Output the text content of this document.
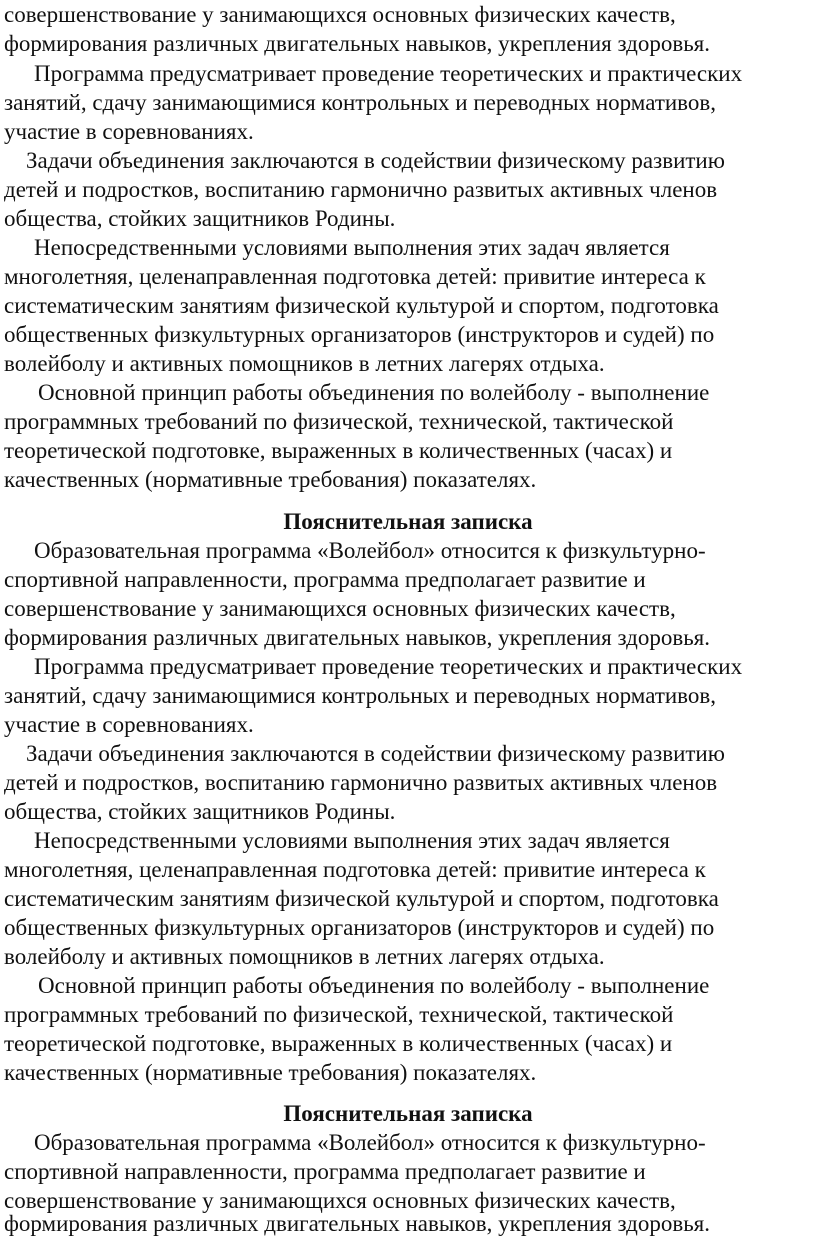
совершенствование у занимающихся основных физических качеств,
формирования различных двигательных навыков, укрепления здоровья.
Программа предусматривает проведение теоретических и практических
занятий, сдачу занимающимися контрольных и переводных нормативов,
участие в соревнованиях.
Задачи объединения заключаются в содействии физическому развитию
детей и подростков, воспитанию гармонично развитых активных членов
общества, стойких защитников Родины.
Непосредственными условиями выполнения этих задач является
многолетняя, целенаправленная подготовка детей: привитие интереса к
систематическим занятиям физической культурой и спортом, подготовка
общественных физкультурных организаторов (инструкторов и судей) по
волейболу и активных помощников в летних лагерях отдыха.
Основной принцип работы объединения по волейболу - выполнение
программных требований по физической, технической, тактической
теоретической подготовке, выраженных в количественных (часах) и
качественных (нормативные требования) показателях.
Пояснительная записка
Образовательная программа «Волейбол» относится к физкультурно-
спортивной направленности, программа предполагает развитие и
совершенствование у занимающихся основных физических качеств,
формирования различных двигательных навыков, укрепления здоровья.
Программа предусматривает проведение теоретических и практических
занятий, сдачу занимающимися контрольных и переводных нормативов,
участие в соревнованиях.
Задачи объединения заключаются в содействии физическому развитию
детей и подростков, воспитанию гармонично развитых активных членов
общества, стойких защитников Родины.
Непосредственными условиями выполнения этих задач является
многолетняя, целенаправленная подготовка детей: привитие интереса к
систематическим занятиям физической культурой и спортом, подготовка
общественных физкультурных организаторов (инструкторов и судей) по
волейболу и активных помощников в летних лагерях отдыха.
Основной принцип работы объединения по волейболу - выполнение
программных требований по физической, технической, тактической
теоретической подготовке, выраженных в количественных (часах) и
качественных (нормативные требования) показателях.
Пояснительная записка
Образовательная программа «Волейбол» относится к физкультурно-
спортивной направленности, программа предполагает развитие и
совершенствование у занимающихся основных физических качеств,
формирования различных двигательных навыков, укрепления здоровья.
